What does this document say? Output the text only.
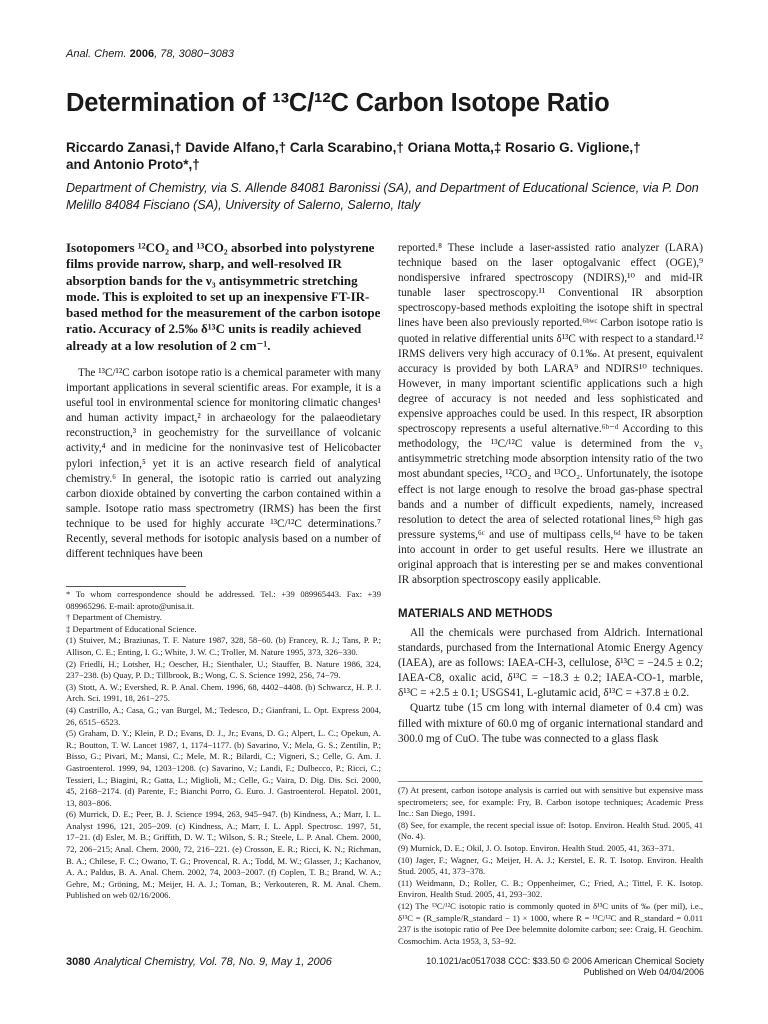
Anal. Chem. 2006, 78, 3080−3083
Determination of ¹³C/¹²C Carbon Isotope Ratio
Riccardo Zanasi,† Davide Alfano,† Carla Scarabino,† Oriana Motta,‡ Rosario G. Viglione,† and Antonio Proto*,†
Department of Chemistry, via S. Allende 84081 Baronissi (SA), and Department of Educational Science, via P. Don Melillo 84084 Fisciano (SA), University of Salerno, Salerno, Italy
Isotopomers ¹²CO₂ and ¹³CO₂ absorbed into polystyrene films provide narrow, sharp, and well-resolved IR absorption bands for the ν₃ antisymmetric stretching mode. This is exploited to set up an inexpensive FT-IR-based method for the measurement of the carbon isotope ratio. Accuracy of 2.5‰ δ¹³C units is readily achieved already at a low resolution of 2 cm⁻¹.

The ¹³C/¹²C carbon isotope ratio is a chemical parameter with many important applications in several scientific areas. For example, it is a useful tool in environmental science for monitoring climatic changes¹ and human activity impact,² in archaeology for the palaeodietary reconstruction,³ in geochemistry for the surveillance of volcanic activity,⁴ and in medicine for the noninvasive test of Helicobacter pylori infection,⁵ yet it is an active research field of analytical chemistry.⁶ In general, the isotopic ratio is carried out analyzing carbon dioxide obtained by converting the carbon contained within a sample. Isotope ratio mass spectrometry (IRMS) has been the first technique to be used for highly accurate ¹³C/¹²C determinations.⁷ Recently, several methods for isotopic analysis based on a number of different techniques have been

* To whom correspondence should be addressed. Tel.: +39 089965443. Fax: +39 089965296. E-mail: aproto@unisa.it.

† Department of Chemistry.

‡ Department of Educational Science.

(1) Stuiver, M.; Braziunas, T. F. Nature 1987, 328, 58−60. (b) Francey, R. J.; Tans, P. P.; Allison, C. E.; Enting, I. G.; White, J. W. C.; Troller, M. Nature 1995, 373, 326−330.

(2) Friedli, H.; Lotsher, H.; Oescher, H.; Sienthaler, U.; Stauffer, B. Nature 1986, 324, 237−238. (b) Quay, P. D.; Tillbrook, B.; Wong, C. S. Science 1992, 256, 74−79.

(3) Stott, A. W.; Evershed, R. P. Anal. Chem. 1996, 68, 4402−4408. (b) Schwarcz, H. P. J. Arch. Sci. 1991, 18, 261−275.

(4) Castrillo, A.; Casa, G.; van Burgel, M.; Tedesco, D.; Gianfrani, L. Opt. Express 2004, 26, 6515−6523.

(5) Graham, D. Y.; Klein, P. D.; Evans, D. J., Jr.; Evans, D. G.; Alpert, L. C.; Opekun, A. R.; Boutton, T. W. Lancet 1987, 1, 1174−1177. (b) Savarino, V.; Mela, G. S.; Zentilin, P.; Bisso, G.; Pivari, M.; Mansi, C.; Mele, M. R.; Bilardi, C.; Vigneri, S.; Celle, G. Am. J. Gastroenterol. 1999, 94, 1203−1208. (c) Savarino, V.; Landi, F.; Dulbecco, P.; Ricci, C.; Tessieri, L.; Biagini, R.; Gatta, L.; Miglioli, M.; Celle, G.; Vaira, D. Dig. Dis. Sci. 2000, 45, 2168−2174. (d) Parente, F.; Bianchi Porro, G. Euro. J. Gastroenterol. Hepatol. 2001, 13, 803−806.

(6) Murrick, D. E.; Peer, B. J. Science 1994, 263, 945−947. (b) Kindness, A.; Marr, I. L. Analyst 1996, 121, 205−209. (c) Kindness, A.; Marr, I. L. Appl. Spectrosc. 1997, 51, 17−21. (d) Esler, M. B.; Griffith, D. W. T.; Wilson, S. R.; Steele, L. P. Anal. Chem. 2000, 72, 206−215; Anal. Chem. 2000, 72, 216−221. (e) Crosson, E. R.; Ricci, K. N.; Richman, B. A.; Chilese, F. C.; Owano, T. G.; Provencal, R. A.; Todd, M. W.; Glasser, J.; Kachanov, A. A.; Paldus, B. A. Anal. Chem. 2002, 74, 2003−2007. (f) Coplen, T. B.; Brand, W. A.; Gehre, M.; Gröning, M.; Meijer, H. A. J.; Toman, B.; Verkouteren, R. M. Anal. Chem. Published on web 02/16/2006.

reported.⁸ These include a laser-assisted ratio analyzer (LARA) technique based on the laser optogalvanic effect (OGE),⁹ nondispersive infrared spectroscopy (NDIRS),¹⁰ and mid-IR tunable laser spectroscopy.¹¹ Conventional IR absorption spectroscopy-based methods exploiting the isotope shift in spectral lines have been also previously reported.⁶ᵇʷᶜ Carbon isotope ratio is quoted in relative differential units δ¹³C with respect to a standard.¹² IRMS delivers very high accuracy of 0.1‰. At present, equivalent accuracy is provided by both LARA⁹ and NDIRS¹⁰ techniques. However, in many important scientific applications such a high degree of accuracy is not needed and less sophisticated and expensive approaches could be used. In this respect, IR absorption spectroscopy represents a useful alternative.⁶ᵇ⁻ᵈ According to this methodology, the ¹³C/¹²C value is determined from the ν₃ antisymmetric stretching mode absorption intensity ratio of the two most abundant species, ¹²CO₂ and ¹³CO₂. Unfortunately, the isotope effect is not large enough to resolve the broad gas-phase spectral bands and a number of difficult expedients, namely, increased resolution to detect the area of selected rotational lines,⁶ᵇ high gas pressure systems,⁶ᶜ and use of multipass cells,⁶ᵈ have to be taken into account in order to get useful results. Here we illustrate an original approach that is interesting per se and makes conventional IR absorption spectroscopy easily applicable.

MATERIALS AND METHODS

All the chemicals were purchased from Aldrich. International standards, purchased from the International Atomic Energy Agency (IAEA), are as follows: IAEA-CH-3, cellulose, δ¹³C = −24.5 ± 0.2; IAEA-C8, oxalic acid, δ¹³C = −18.3 ± 0.2; IAEA-CO-1, marble, δ¹³C = +2.5 ± 0.1; USGS41, L-glutamic acid, δ¹³C = +37.8 ± 0.2.

Quartz tube (15 cm long with internal diameter of 0.4 cm) was filled with mixture of 60.0 mg of organic international standard and 300.0 mg of CuO. The tube was connected to a glass flask

(7) At present, carbon isotope analysis is carried out with sensitive but expensive mass spectrometers; see, for example: Fry, B. Carbon isotope techniques; Academic Press Inc.: San Diego, 1991.

(8) See, for example, the recent special issue of: Isotop. Environ. Health Stud. 2005, 41 (No. 4).

(9) Murnick, D. E.; Okil, J. O. Isotop. Environ. Health Stud. 2005, 41, 363−371.

(10) Jager, F.; Wagner, G.; Meijer, H. A. J.; Kerstel, E. R. T. Isotop. Environ. Health Stud. 2005, 41, 373−378.

(11) Weidmann, D.; Roller, C. B.; Oppenheimer, C.; Fried, A.; Tittel, F. K. Isotop. Environ. Health Stud. 2005, 41, 293−302.

(12) The ¹³C/¹²C isotopic ratio is commonly quoted in δ¹³C units of ‰ (per mil), i.e., δ¹³C = (R_sample/R_standard − 1) × 1000, where R = ¹³C/¹²C and R_standard = 0.011 237 is the isotopic ratio of Pee Dee belemnite dolomite carbon; see: Craig, H. Geochim. Cosmochim. Acta 1953, 3, 53−92.

3080 Analytical Chemistry, Vol. 78, No. 9, May 1, 2006	10.1021/ac0517038 CCC: $33.50 © 2006 American Chemical Society
Published on Web 04/04/2006
